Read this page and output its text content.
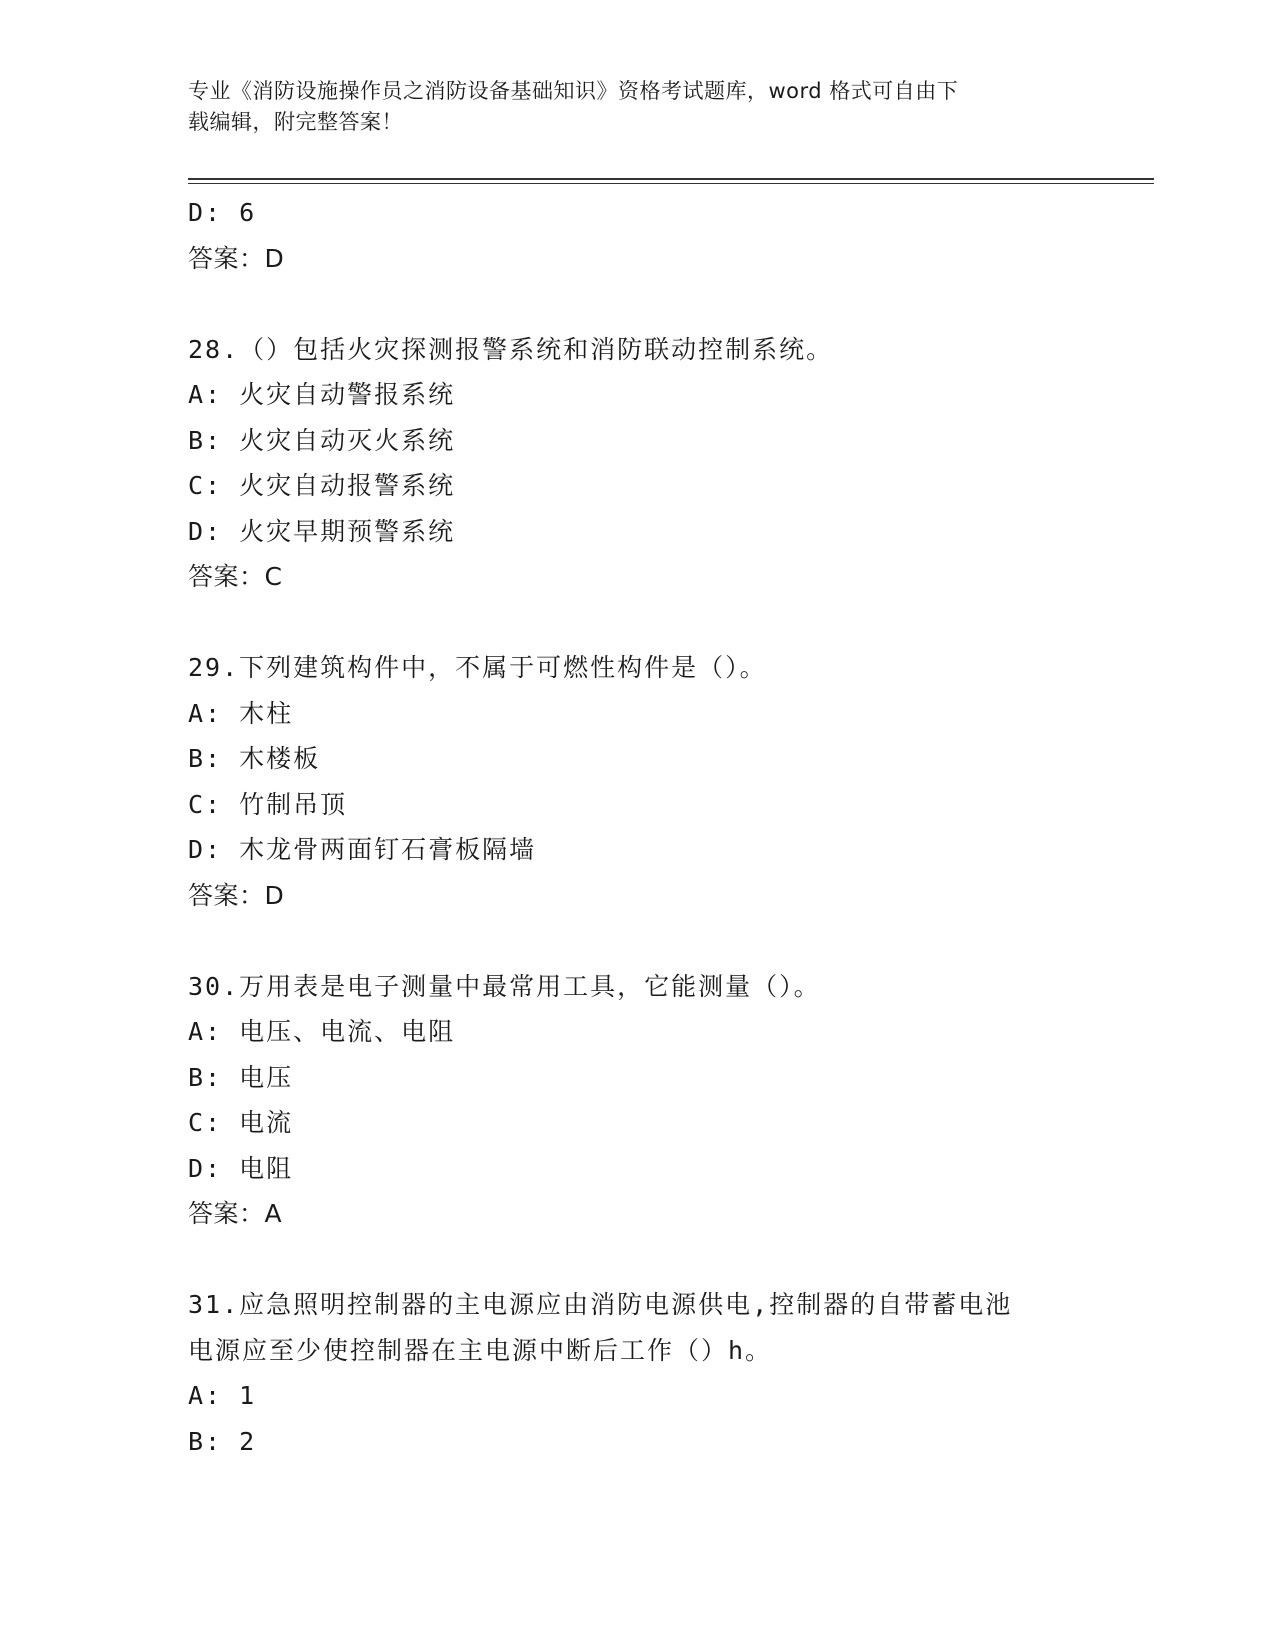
专业《消防设施操作员之消防设备基础知识》资格考试题库，word 格式可自由下
载编辑，附完整答案！
D: 6
答案：D
28.（）包括火灾探测报警系统和消防联动控制系统。
A: 火灾自动警报系统
B: 火灾自动灭火系统
C: 火灾自动报警系统
D: 火灾早期预警系统
答案：C
29.下列建筑构件中，不属于可燃性构件是（）。
A: 木柱
B: 木楼板
C: 竹制吊顶
D: 木龙骨两面钉石膏板隔墙
答案：D
30.万用表是电子测量中最常用工具，它能测量（）。
A: 电压、电流、电阻
B: 电压
C: 电流
D: 电阻
答案：A
31.应急照明控制器的主电源应由消防电源供电,控制器的自带蓄电池
电源应至少使控制器在主电源中断后工作（）h。
A: 1
B: 2
